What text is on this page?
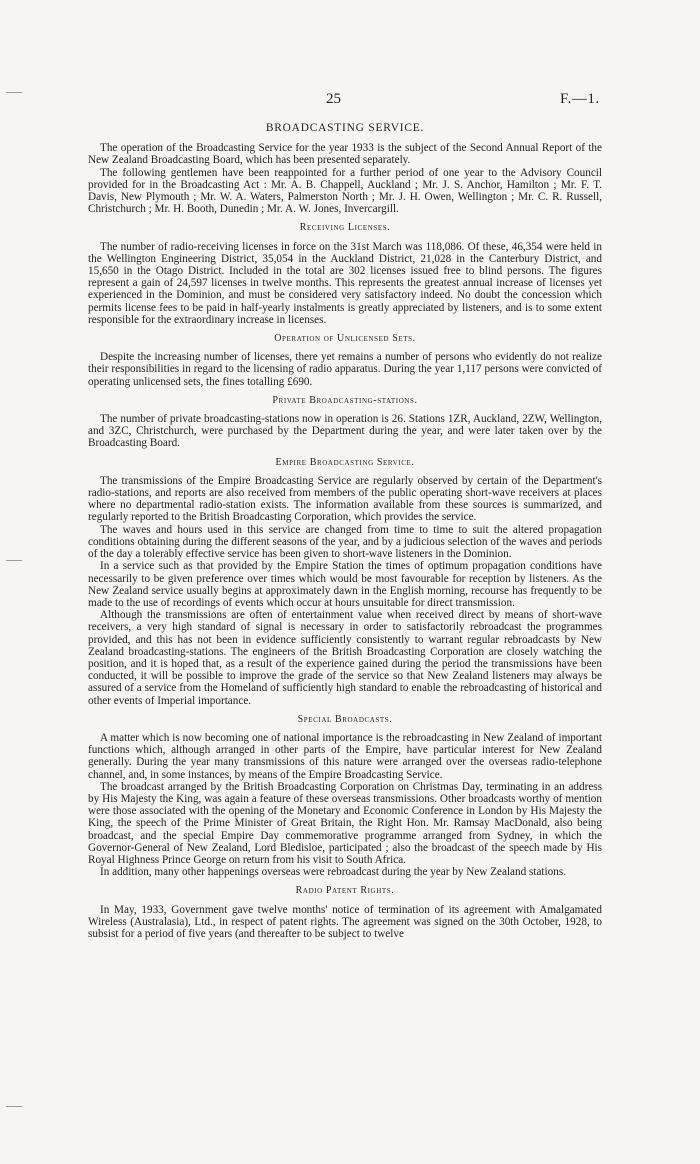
25	F.—1.
BROADCASTING SERVICE.

The operation of the Broadcasting Service for the year 1933 is the subject of the Second Annual Report of the New Zealand Broadcasting Board, which has been presented separately.

The following gentlemen have been reappointed for a further period of one year to the Advisory Council provided for in the Broadcasting Act : Mr. A. B. Chappell, Auckland ; Mr. J. S. Anchor, Hamilton ; Mr. F. T. Davis, New Plymouth ; Mr. W. A. Waters, Palmerston North ; Mr. J. H. Owen, Wellington ; Mr. C. R. Russell, Christchurch ; Mr. H. Booth, Dunedin ; Mr. A. W. Jones, Invercargill.

Receiving Licenses.

The number of radio-receiving licenses in force on the 31st March was 118,086. Of these, 46,354 were held in the Wellington Engineering District, 35,054 in the Auckland District, 21,028 in the Canterbury District, and 15,650 in the Otago District. Included in the total are 302 licenses issued free to blind persons. The figures represent a gain of 24,597 licenses in twelve months. This represents the greatest annual increase of licenses yet experienced in the Dominion, and must be considered very satisfactory indeed. No doubt the concession which permits license fees to be paid in half-yearly instalments is greatly appreciated by listeners, and is to some extent responsible for the extraordinary increase in licenses.

Operation of Unlicensed Sets.

Despite the increasing number of licenses, there yet remains a number of persons who evidently do not realize their responsibilities in regard to the licensing of radio apparatus. During the year 1,117 persons were convicted of operating unlicensed sets, the fines totalling £690.

Private Broadcasting-stations.

The number of private broadcasting-stations now in operation is 26. Stations 1ZR, Auckland, 2ZW, Wellington, and 3ZC, Christchurch, were purchased by the Department during the year, and were later taken over by the Broadcasting Board.

Empire Broadcasting Service.

The transmissions of the Empire Broadcasting Service are regularly observed by certain of the Department's radio-stations, and reports are also received from members of the public operating short-wave receivers at places where no departmental radio-station exists. The information available from these sources is summarized, and regularly reported to the British Broadcasting Corporation, which provides the service.

The waves and hours used in this service are changed from time to time to suit the altered propagation conditions obtaining during the different seasons of the year, and by a judicious selection of the waves and periods of the day a tolerably effective service has been given to short-wave listeners in the Dominion.

In a service such as that provided by the Empire Station the times of optimum propagation conditions have necessarily to be given preference over times which would be most favourable for reception by listeners. As the New Zealand service usually begins at approximately dawn in the English morning, recourse has frequently to be made to the use of recordings of events which occur at hours unsuitable for direct transmission.

Although the transmissions are often of entertainment value when received direct by means of short-wave receivers, a very high standard of signal is necessary in order to satisfactorily rebroadcast the programmes provided, and this has not been in evidence sufficiently consistently to warrant regular rebroadcasts by New Zealand broadcasting-stations. The engineers of the British Broadcasting Corporation are closely watching the position, and it is hoped that, as a result of the experience gained during the period the transmissions have been conducted, it will be possible to improve the grade of the service so that New Zealand listeners may always be assured of a service from the Homeland of sufficiently high standard to enable the rebroadcasting of historical and other events of Imperial importance.

Special Broadcasts.

A matter which is now becoming one of national importance is the rebroadcasting in New Zealand of important functions which, although arranged in other parts of the Empire, have particular interest for New Zealand generally. During the year many transmissions of this nature were arranged over the overseas radio-telephone channel, and, in some instances, by means of the Empire Broadcasting Service.

The broadcast arranged by the British Broadcasting Corporation on Christmas Day, terminating in an address by His Majesty the King, was again a feature of these overseas transmissions. Other broadcasts worthy of mention were those associated with the opening of the Monetary and Economic Conference in London by His Majesty the King, the speech of the Prime Minister of Great Britain, the Right Hon. Mr. Ramsay MacDonald, also being broadcast, and the special Empire Day commemorative programme arranged from Sydney, in which the Governor-General of New Zealand, Lord Bledisloe, participated ; also the broadcast of the speech made by His Royal Highness Prince George on return from his visit to South Africa.

In addition, many other happenings overseas were rebroadcast during the year by New Zealand stations.

Radio Patent Rights.

In May, 1933, Government gave twelve months' notice of termination of its agreement with Amalgamated Wireless (Australasia), Ltd., in respect of patent rights. The agreement was signed on the 30th October, 1928, to subsist for a period of five years (and thereafter to be subject to twelve
